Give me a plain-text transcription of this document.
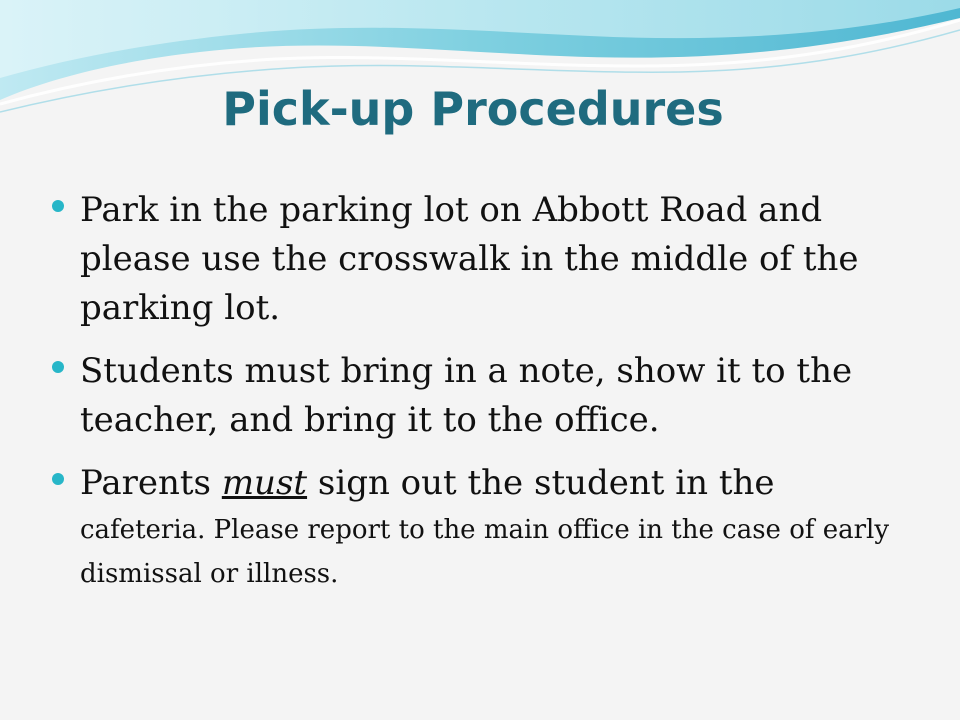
Pick-up Procedures
Park in the parking lot on Abbott Road and please use the crosswalk in the middle of the parking lot.
Students must bring in a note, show it to the teacher, and bring it to the office.
Parents must sign out the student in the
cafeteria. Please report to the main office in the case of early dismissal or illness.
